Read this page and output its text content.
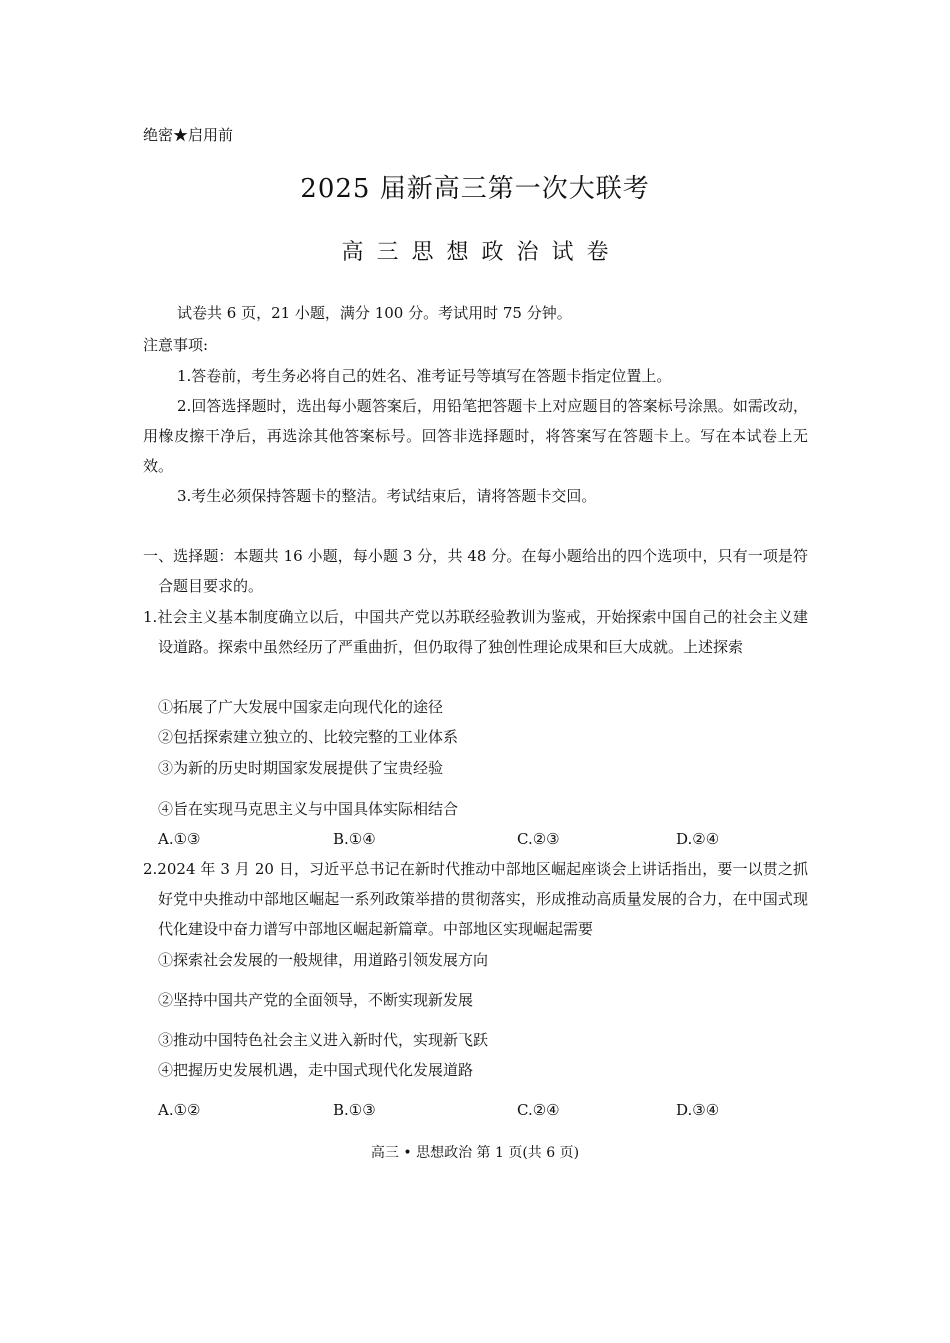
绝密★启用前
2025 届新高三第一次大联考
高三思想政治试卷
试卷共 6 页，21 小题，满分 100 分。考试用时 75 分钟。
注意事项:
1.答卷前，考生务必将自己的姓名、准考证号等填写在答题卡指定位置上。
2.回答选择题时，选出每小题答案后，用铅笔把答题卡上对应题目的答案标号涂黑。如需改动，用橡皮擦干净后，再选涂其他答案标号。回答非选择题时，将答案写在答题卡上。写在本试卷上无效。
3.考生必须保持答题卡的整洁。考试结束后，请将答题卡交回。
一、选择题：本题共 16 小题，每小题 3 分，共 48 分。在每小题给出的四个选项中，只有一项是符合题目要求的。
1.社会主义基本制度确立以后，中国共产党以苏联经验教训为鉴戒，开始探索中国自己的社会主义建设道路。探索中虽然经历了严重曲折，但仍取得了独创性理论成果和巨大成就。上述探索
①拓展了广大发展中国家走向现代化的途径
②包括探索建立独立的、比较完整的工业体系
③为新的历史时期国家发展提供了宝贵经验
④旨在实现马克思主义与中国具体实际相结合
A.①③	B.①④	C.②③	D.②④
2.2024 年 3 月 20 日，习近平总书记在新时代推动中部地区崛起座谈会上讲话指出，要一以贯之抓好党中央推动中部地区崛起一系列政策举措的贯彻落实，形成推动高质量发展的合力，在中国式现代化建设中奋力谱写中部地区崛起新篇章。中部地区实现崛起需要
①探索社会发展的一般规律，用道路引领发展方向
②坚持中国共产党的全面领导，不断实现新发展
③推动中国特色社会主义进入新时代，实现新飞跃
④把握历史发展机遇，走中国式现代化发展道路
A.①②	B.①③	C.②④	D.③④
高三 • 思想政治 第 1 页(共 6 页)
